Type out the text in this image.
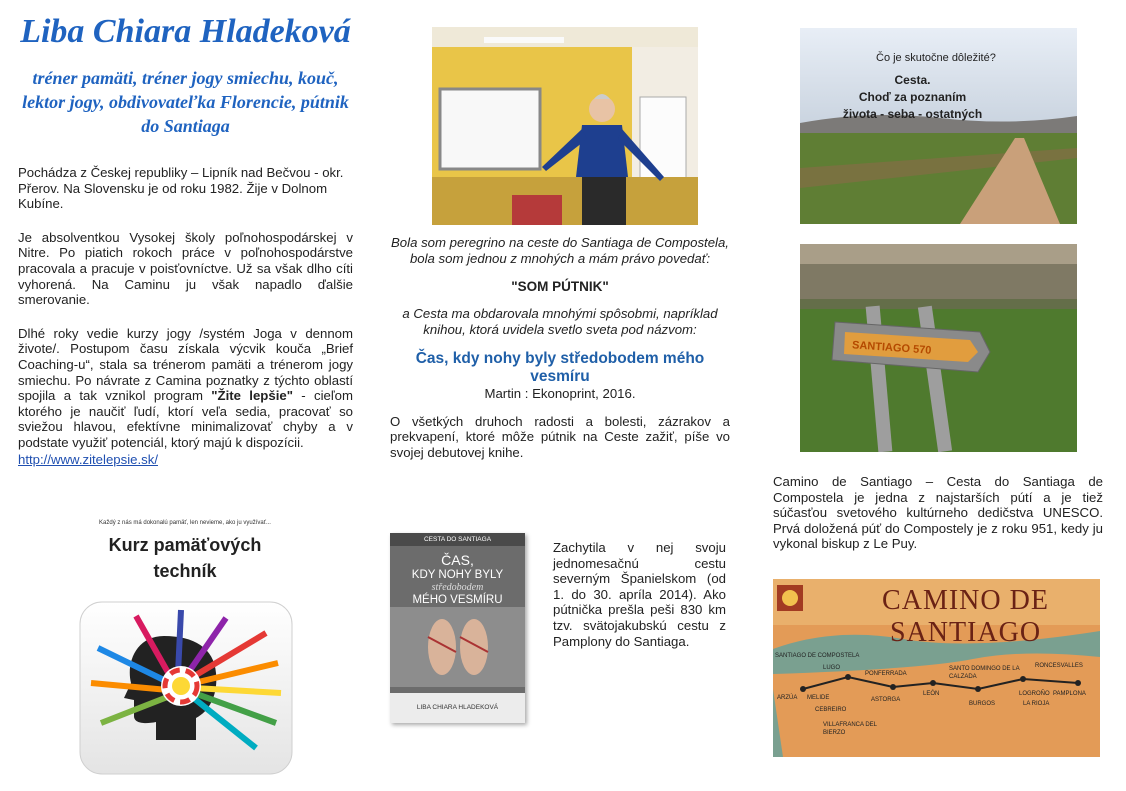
Liba Chiara Hladeková
tréner pamäti, tréner jogy smiechu, kouč, lektor jogy, obdivovateľka Florencie, pútnik do Santiaga

Pochádza z Českej republiky – Lipník nad Bečvou - okr. Přerov. Na Slovensku je od roku 1982. Žije v Dolnom Kubíne.

Je absolventkou Vysokej školy poľnohospodárskej v Nitre. Po piatich rokoch práce v poľnohospodárstve pracovala a pracuje v poisťovníctve. Už sa však dlho cíti vyhorená. Na Caminu ju však napadlo ďalšie smerovanie.

Dlhé roky vedie kurzy jogy /systém Joga v dennom živote/. Postupom času získala výcvik kouča „Brief Coaching-u“, stala sa trénerom pamäti a trénerom jogy smiechu. Po návrate z Camina poznatky z týchto oblastí spojila a tak vznikol program "Žite lepšie" - cieľom ktorého je naučiť ľudí, ktorí veľa sedia, pracovať so sviežou hlavou, efektívne minimalizovať chyby a v podstate využiť potenciál, ktorý majú k dispozícii.

http://www.zitelepsie.sk/
Každý z nás má dokonalú pamäť, len nevieme, ako ju využívať...
Kurz pamäťových
techník
Bola som peregrino na ceste do Santiaga de Compostela, bola som jednou z mnohých a mám právo povedať:
"SOM PÚTNIK"
a Cesta ma obdarovala mnohými spôsobmi, napríklad knihou, ktorá uvidela svetlo sveta pod názvom:
Čas, kdy nohy byly středobodem mého vesmíru
Martin : Ekonoprint, 2016.
O všetkých druhoch radosti a bolesti, zázrakov a prekvapení, ktoré môže pútnik na Ceste zažiť, píše vo svojej debutovej knihe.
CESTA DO SANTIAGA
ČAS,
KDY NOHY BYLY
středobodem
MÉHO VESMÍRU
LIBA CHIARA HLADEKOVÁ
Zachytila v nej svoju jednomesačnú cestu severným Španielskom (od 1. do 30. apríla 2014). Ako pútnička prešla peši 830 km tzv. svätojakubskú cestu z Pamplony do Santiaga.
Čo je skutočne dôležité?
Cesta.
Choď za poznaním
života - seba - ostatných
SANTIAGO 570
Camino de Santiago – Cesta do Santiaga de Compostela je jedna z najstarších pútí a je tiež súčasťou svetového kultúrneho dedičstva UNESCO. Prvá doložená púť do Compostely je z roku 951, kedy ju vykonal biskup z Le Puy.
CAMINO DE SANTIAGO
SANTIAGO DE COMPOSTELA
LUGO
MELIDE
ARZÚA
CEBREIRO
PONFERRADA
ASTORGA
VILLAFRANCA DEL BIERZO
LEÓN
SANTO DOMINGO DE LA CALZADA
BURGOS
RONCESVALLES
PAMPLONA
LOGROÑO
LA RIOJA
